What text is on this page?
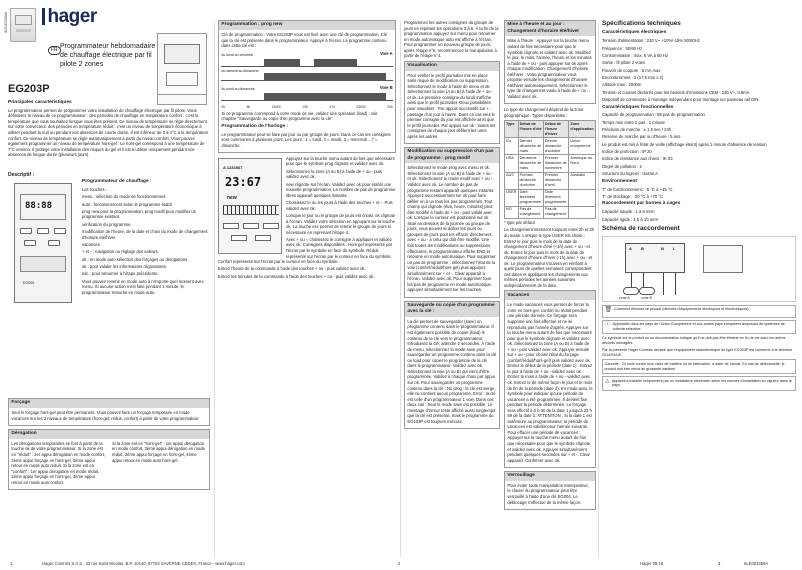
6LE003356A hager
FR Programmateur hebdomadaire
de chauffage électrique par fil
pilote 2 zones
EG203P
Principales caractéristiques

Le programmateur permet de programmer votre installation de chauffage électrique par fil pilote. Vous définissez le niveau de ce programmateur : des périodes de chauffage en température confort : c'est la température que vous souhaitez lorsque vous êtes présent. Ce niveau de température se règle directement sur votre convecteur. des périodes en température réduit : c'est un niveau de température économique à utiliser pendant la nuit ou pendant vos absences de courte durée. Il est inférieur de 3 à 4°C à la température confort. Ce niveau de température se règle automatiquement à partir du niveau confort. Vous pouvez également programmer un niveau de température hors-gel : Le hors-gel correspond à une température de 7°C environ. Il protège votre installation des risques du gel et il est à utiliser uniquement pendant vos absences de longue durée (plusieurs jours).

Descriptif :
88:88
EG005
Programmateur de chauffage :

Les touches :

menu : sélection du mode de fonctionnement

auto : fonctionnement selon le programme établi.

prog new pour la programmation, prog modif pour modifier un programme existant.

vérification du programme.

modification de l'heure, de la date et choix du mode de changement d'horaire été/hiver.

vacances.

+ et - : navigation ou réglage des valeurs.

ok : en mode auto sélection des forçages ou dérogations.

ok : pour valider les informations clignotantes.

esc : pour retourner à l'étape précédente.

Vous pouvez revenir en mode auto à n'importe quel moment avec menu. Si aucune action n'est faite pendant 1 minute, le programmateur retourne en mode auto.

Forçage

Seul le forçage hors-gel peut être permanent. Vous pouvez faire un forçage temporaire en mode vacances sur les 3 niveaux de température (hors-gel, réduit, confort) à partir de votre programmateur.

Dérogation

Les dérogations temporaires se font à partir de la touche ok de votre programmateur. Si la zone est en "réduit" : 1er appui dérogation en mode confort, 2ème appui forçage en hors-gel, 3ème appui retour en mode auto réduit. Si la zone est en "confort" : 1er appui dérogation en mode réduit, 2ème appui forçage en hors-gel, 3ème appui retour en mode auto confort.

Si la zone est en "hors-gel" : 1er appui dérogation en mode confort, 2ème appui dérogation en mode réduit, 3ème appui forçage en hors-gel, 4ème appui retour en mode auto hors-gel.

Programmation : prog new

Clé de programmation : Votre EG203P vous est livré avec une clé de programmation. Clé que la clé est présente dans le programmateur. Appuyé à l'écran. Le programme contenu dans cette clé est :

Voie A
du lundi au vendredi
du samedi au dimanche
Voie B
du lundi au dimanche
0h	6h	11h00	13h	17h	23h00	24h

Si ce programme correspond à votre mode de vie, validez une opération (load) : voir chapitre "Sauvegarde ou copie d'un programme avec la clé".

Programmation de l'horloge :

Le programmateur peut se faire par jour ou par groupe de jours. Dans ce cas les consignes sont communes à plusieurs jours. Les jours : 1 = lundi, 2 = mardi, 3 = mercredi ...7 = dimanche.

A 1234567
23:67
new

Appuyez sur la touche menu autant de fois que nécessaire pour que le symbole prog clignote et validez avec ok.

Sélectionnez la zone (A ou B) à l'aide de + ou - puis validez avec ok.

new clignote sur l'écran. Validez avec ok pour établir une nouvelle programmation. Le nombre de pas de programme libres apparaît quelques instants.

Choisissez le ou les jours à l'aide des touches + et -. Puis validez avec ok.

Lorsque le jour ou le groupe de jours est choisi, ok clignote à l'écran. Validez votre sélection en appuyant sur la touche ok. La touche esc permet de retenir le groupe de jours si nécessaire en reprenant l'étape 4.

Avec + ou -, choisissez le consigne à appliquer et validez avec ok. Consignes disponibles : Hors gel représenté par l'écran par le symbole en face du symbole. Réduit représenté sur l'écran par le curseur en face du symbole. Confort représenté sur l'écran par le curseur en face du symbole.

Entrez l'heure de la commande à l'aide des touches + ou - puis validez avec ok.

Entrez les minutes de la commande à l'aide des touches + ou - puis validez avec ok.

Programmez les autres consignes du groupe de jours en répétant les opérations 3 à 8. À la fin de la programmation appuyez sur menu pour retourner en mode automatique auto est affiché à l'écran. Pour programmer un nouveau groupe de jours, après l'étape n°6, recommencez la manipulation à partir de l'étape n°4.

Visualisation

Pour vérifier le profil journalier mis en place sans risque de modification ou suppression. Sélectionnez le mode à l'aide de menu et ok. Sélectionnez la voie (A ou B) à l'aide de + ou - et ok. La première consigne du lundi s'affiche ainsi que le profil journalier. Deux possibilités pour visualiser : Par appuis successifs sur + : passage d'un jour à l'autre. Dans ce cas seul le premier consigne du jour est affichée ainsi que le profil journalier. Par appuis sur ok : toutes les consignes de chaque jour défilent les unes après les autres.

Modification ou suppression d'un pas de programme : prog modif

Sélectionnez le mode prog avec menu et ok. Sélectionnez la voie (A ou B) à l'aide de + ou - et ok. Sélectionnez le mode modif avec + ou -. Validez avec ok. Le nombre de pas de programme restant apparaît quelques instants. Appuyez successivement sur ok pour faire défiler un à un tous les pas programmés. Tout champ qui clignote (état, heure, minutes) peut être modifié à l'aide de + ou - puis validé avec ok. Lorsque le curseur est positionné sur ok situé au dessous de la journée ou groupe de jours, vous pouvez le déliter les jours ou groupes de jours pour les effacer directement, avec + ou - à celui qui doit être modifié. Une fois toutes les modifications ou suppressions effectuées, le programmateur affiche END et retourne en mode automatique. Pour supprimer un pas de programme : sélectionnez l'état de la voie (confort/réduit/hors-gel) puis appuyez simultanément sur + et -. Clear apparaît à l'écran. Validez avec ok. Pour supprimer tous les pas de programme en mode automatique, appuyez simultanément sur les touches.

Sauvegarde ou copie d'un programme avec la clé :

La clé permet de sauvegarder (save) un programme contenu dans le programmateur. Il est également possible de copier (load) le contenu de la clé vers le programmateur. Introduisez la clé, attendre 2 secondes. À l'aide de menu, sélectionnez la mode save pour sauvegarder un programme contenu dans la clé ou load pour copier le programme de la clé dans le programmateur. Validez avec ok. Sélectionnez la voie (A ou B) qui vient d'être programmée. Validez à chaque choix par appui sur ok. Pour sauvegarder un programme contenu dans la clé : No prog : la clé est vierge, elle ne contient aucun programme. Error : la clé est celle d'un programmateur 1 voie. Dans ces deux cas : Seul le mode save est possible. Le message d'erreur reste affiché aussi longtemps que la clé est présente, mais le programme du EG103P est toujours exécuté.

Mise à l'heure et au jour : Changement d'horaire été/hiver

Mise à l'heure : Appuyer sur la touche menu autant de fois nécessaire pour que le symbole clignote et validez avec ok. Modifiez le jour, le mois, l'année, l'heure et les minutes à l'aide de + ou - puis appuyer sur ok après chaque modification. Changement d'horaire été/hiver : Votre programmateur vous propose ensuite les changements d'horaire été/hiver automatiquement. Sélectionnez le type de changement voulu à l'aide de + ou -. Validez avec ok.

Le type de changement dépend de la zone géographique. Types disponibles :

Type	Début de l'heure d'été	Début de l'heure d'hiver	Zone d'application
EU	Dernier dimanche de mars	Dernier dimanche d'octobre	Union européenne
USA	Deuxième dimanche de mars	Premier dimanche de novembre	Amérique du Nord
AUS	Premier dimanche d'octobre	Premier dimanche d'avril	Australie
USER	Date librement programmée	Date librement programmée	
NO	Pas de changement	Pas de changement	

* type par défaut

Le changement intervient toujours entre 2h et 3h du matin. Lorsque le type USER est choisi : Entrez le jour puis le mois de la date de changement d'heure d'été (+1h) avec + ou - et ok. Entrez le jour puis le mois de la date de changement d'heure d'hiver (-1h) avec + ou - et ok. Le programmateur trouvera en vérifiant à quels jours de quelles semaines correspondent ces dates et appliquera les changements aux mêmes périodes les années suivantes indépendamment de la date.

Vacances

Le mode vacances vous permet de forcer la zone en hors-gel, confort ou réduit pendant une période donnée. Ce forçage sera supprimé une fois effectué et ne se reproduira pas l'année d'après. Appuyer sur la touche menu autant de fois que nécessaire pour que le symbole clignote et validez avec ok. Sélectionnez la zone (A ou B) à l'aide de + ou - puis validez avec ok. Appuyer ensuite sur + ou - pour choisir l'état du forçage (confort/réduit/hors-gel) puis validez avec ok. Entrez le début de la période (date 1) : Entrez le jour à l'aide de + ou - validez avec ok. Entrez le mois à l'aide de + ou - validez avec ok. Entrez le de même façon le jour et le mois de fin de la période (date 2). En mode auto, le symbole pour indiquer qu'une période de vacances a été programmée. Il devient fixe pendant la période déterminée. Le forçage sera effectif à 0 h 00 de la date 1 jusqu'à 23 h 59 de la date 2. ATTENTION : Si la date 1 est antérieure au programmateur, la période de vacances est validée pour l'année suivante. Pour effacer une période de vacances : Appuyer sur la touche menu autant de fois que nécessaire pour que le symbole clignote et validez avec ok. Appuyer simultanément pendant quelques secondes sur + et -. Clear apparaît. Confirmer avec ok.

Verrouillage

Pour éviter toute manipulation intempestive, le clavier du programmateur peut être verrouillé à l'aide d'une clé EG004. Le déblocage s'effectue de la même façon.

Spécifications techniques
Caractéristiques électriques

Tension d'alimentation : 230 V~ +10%/-15% 50/60Hz

Fréquence : 50/60 Hz

Consommation : max. 6 VA à 50 Hz

Sortie : fil pilote 2 voies

Pouvoir de coupure : 5 mA max

Encombrement : 2 (17,5 mm x 2)

Altitude max : 2000m

Tension et courant déclarés pour les besoins d'émissions CEM : 230 V~, 0.8mA

Dispositif de commande à montage indépendant pour montage sur panneau rail DIN.

Caractéristiques fonctionnelles

Capacité de programmation : 56 pas de programmation

Temps mini entre 2 pas : 1 minute

Précision de marche : ± 1,5 sec / 24h

Réserve de marche par ou d'heure : 5 ans

Le produit est mis à l'état de veille (affichage éteint) après 1 minute d'absence de tension

Indice de protection : IP 20

Indice de résistance aux chocs : IK 03

Degré de pollution : 2

Structure du logiciel : classe A

Environnement

T° de fonctionnement : -5 °C à +45 °C

T° de stockage : -20 °C à +70 °C

Raccordement par bornes à cages

Capacité souple : 1 à 6 mm²

Capacité rigide : 1,5 à 10 mm²

Schéma de raccordement
A B	N L
zone A	zone B
🗑 Comment éliminer ce produit (déchets d'équipements électriques et électroniques).
ⓘ Applicable dans les pays de l'Union Européenne et aux autres pays européens disposant de systèmes de collecte sélective.

Ce symbole sur le produit ou sa documentation indique qu'il ne doit pas être éliminé en fin de vie avec les autres déchets ménagers.

Par la présente Hager Controls déclare que l'équipement radioélectrique du type EG203P est conforme à la directive 2014/53/UE.

Garantie : 24 mois contre tous vices de matière ou de fabrication, à dater de l'achat. En cas de défectuosité, le produit doit être remis au grossiste habituel.
⚠ Appareil à installer uniquement par un installateur électricien selon les normes d'installation en vigueur dans le pays.
1	Hager Controls S.A.S., 33 rue Saint-Nicolas, B.P. 10140, 67703 SAVERNE CEDEX, France - www.hager.com	2	Hager 09.18	3	6LE003356A
